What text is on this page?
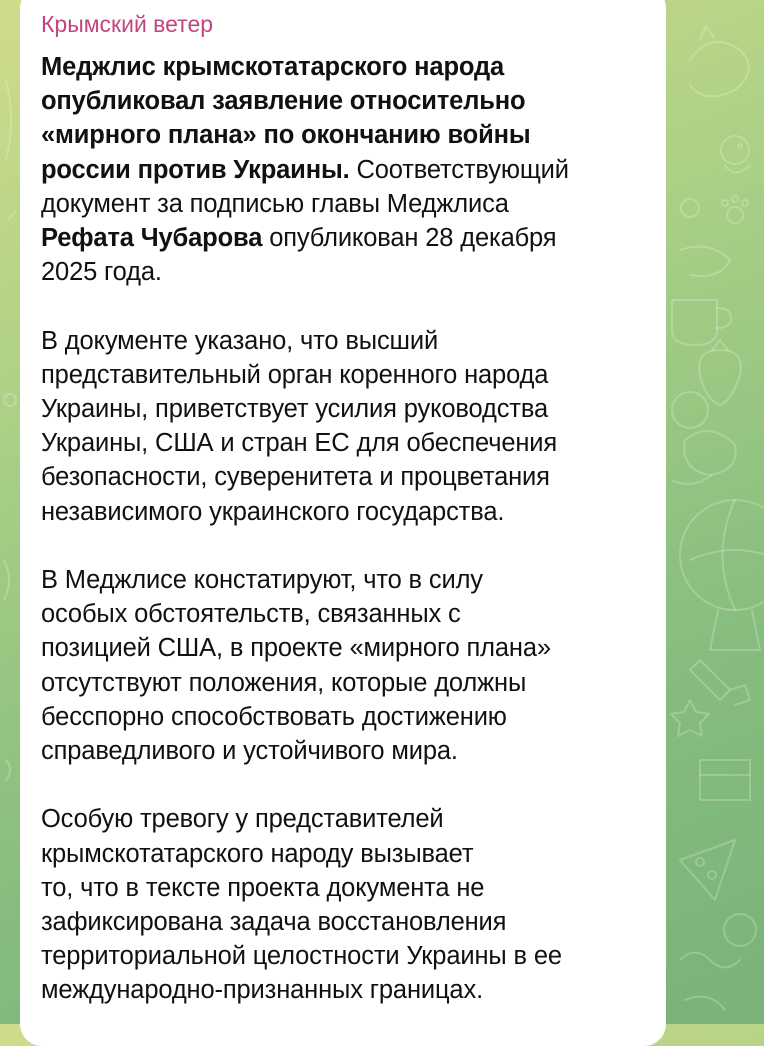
Крымский ветер
Меджлис крымскотатарского народа
опубликовал заявление относительно
«мирного плана» по окончанию войны
россии против Украины. Соответствующий
документ за подписью главы Меджлиса
Рефата Чубарова опубликован 28 декабря
2025 года.
В документе указано, что высший
представительный орган коренного народа
Украины, приветствует усилия руководства
Украины, США и стран ЕС для обеспечения
безопасности, суверенитета и процветания
независимого украинского государства.
В Меджлисе констатируют, что в силу
особых обстоятельств, связанных с
позицией США, в проекте «мирного плана»
отсутствуют положения, которые должны
бесспорно способствовать достижению
справедливого и устойчивого мира.
Особую тревогу у представителей
крымскотатарского народу вызывает
то, что в тексте проекта документа не
зафиксирована задача восстановления
территориальной целостности Украины в ее
международно-признанных границах.
